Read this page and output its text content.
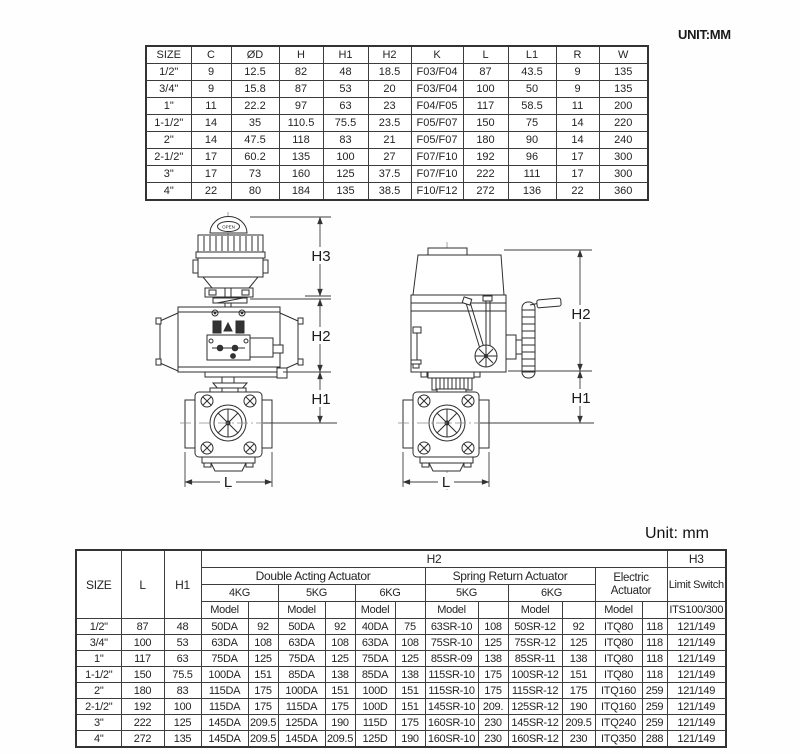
UNIT:MM
SIZE	C	ØD	H	H1	H2	K	L	L1	R	W
1/2"	9	12.5	82	48	18.5	F03/F04	87	43.5	9	135
3/4"	9	15.8	87	53	20	F03/F04	100	50	9	135
1"	11	22.2	97	63	23	F04/F05	117	58.5	11	200
1-1/2"	14	35	110.5	75.5	23.5	F05/F07	150	75	14	220
2"	14	47.5	118	83	21	F05/F07	180	90	14	240
2-1/2"	17	60.2	135	100	27	F07/F10	192	96	17	300
3"	17	73	160	125	37.5	F07/F10	222	111	17	300
4"	22	80	184	135	38.5	F10/F12	272	136	22	360
OPEN
H3
H2
H1
L
H2
H1
L
Unit: mm
SIZE	L	H1	H2												H3
			Double Acting Actuator						Spring Return Actuator				Electric Actuator		Limit Switch
			4KG		5KG		6KG		5KG		6KG				
			Model		Model		Model		Model		Model		Model		ITS100/300
1/2"	87	48	50DA	92	50DA	92	40DA	75	63SR-10	108	50SR-12	92	ITQ80	118	121/149
3/4"	100	53	63DA	108	63DA	108	63DA	108	75SR-10	125	75SR-12	125	ITQ80	118	121/149
1"	117	63	75DA	125	75DA	125	75DA	125	85SR-09	138	85SR-11	138	ITQ80	118	121/149
1-1/2"	150	75.5	100DA	151	85DA	138	85DA	138	115SR-10	175	100SR-12	151	ITQ80	118	121/149
2"	180	83	115DA	175	100DA	151	100D	151	115SR-10	175	115SR-12	175	ITQ160	259	121/149
2-1/2"	192	100	115DA	175	115DA	175	100D	151	145SR-10	209.	125SR-12	190	ITQ160	259	121/149
3"	222	125	145DA	209.5	125DA	190	115D	175	160SR-10	230	145SR-12	209.5	ITQ240	259	121/149
4"	272	135	145DA	209.5	145DA	209.5	125D	190	160SR-10	230	160SR-12	230	ITQ350	288	121/149
